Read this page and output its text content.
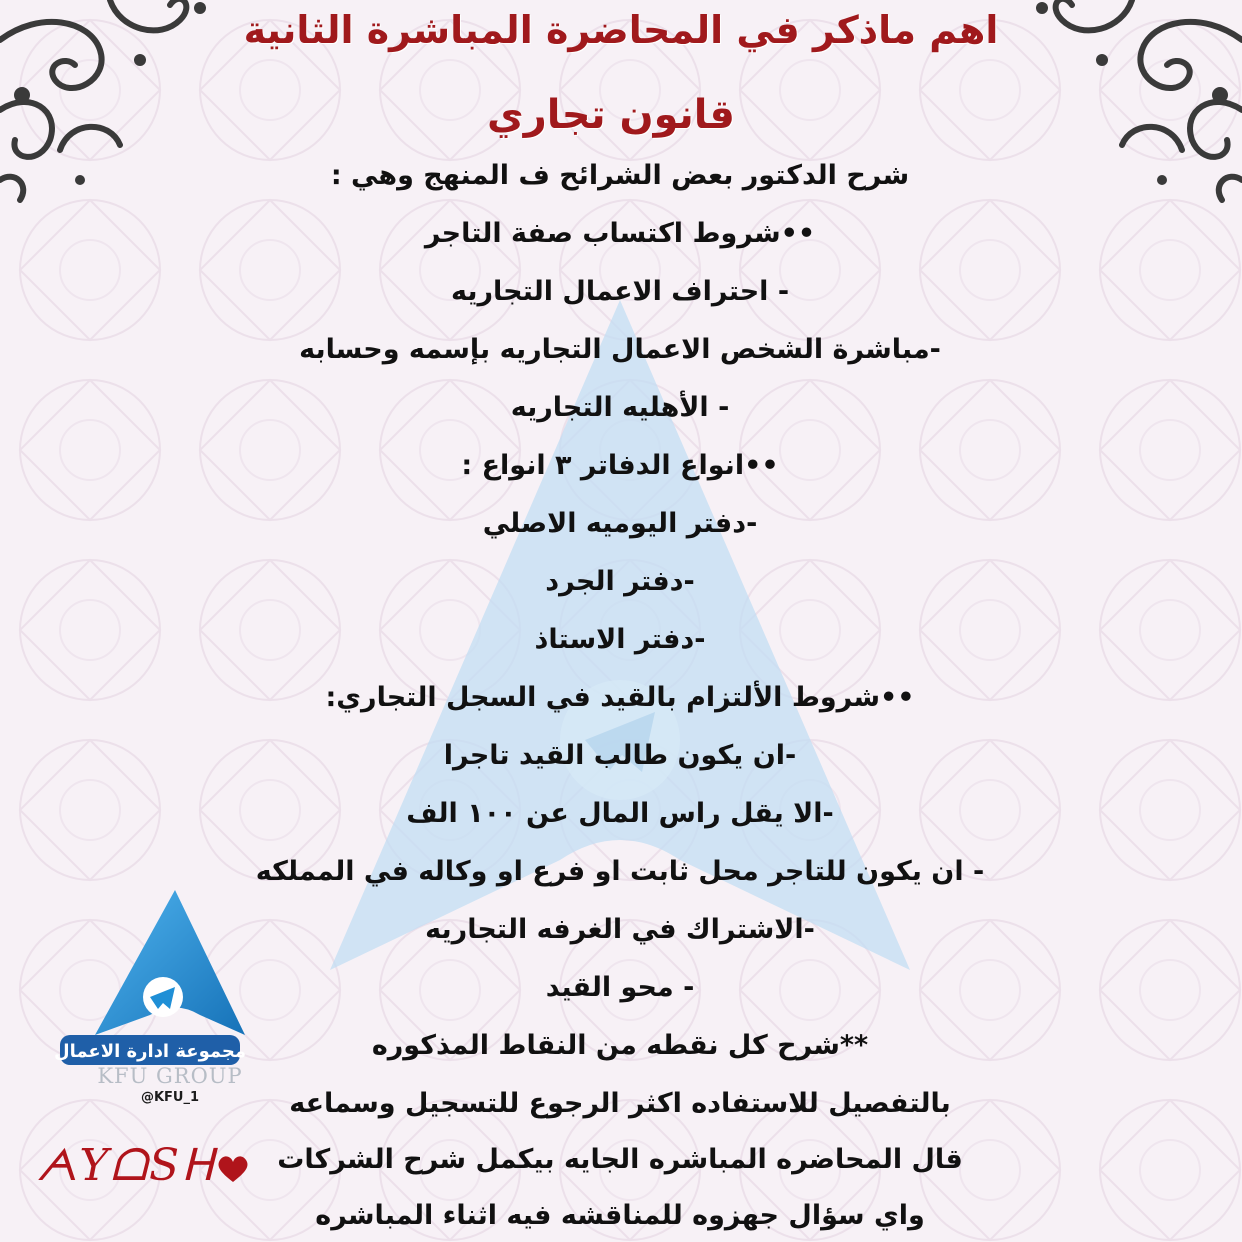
اهم ماذكر في المحاضرة المباشرة الثانية
قانون تجاري
شرح الدكتور بعض الشرائح ف المنهج وهي :
••شروط اكتساب صفة التاجر
- احتراف الاعمال التجاريه
-مباشرة الشخص الاعمال التجاريه بإسمه وحسابه
- الأهليه التجاريه
••انواع الدفاتر ٣ انواع :
-دفتر اليوميه الاصلي
-دفتر الجرد
-دفتر الاستاذ
••شروط الألتزام بالقيد في السجل التجاري:
-ان يكون طالب القيد تاجرا
-الا يقل راس المال عن ١٠٠ الف
- ان يكون للتاجر محل ثابت او فرع او وكاله في المملكه
-الاشتراك في الغرفه التجاريه
- محو القيد
**شرح كل نقطه من النقاط المذكوره
بالتفصيل للاستفاده اكثر الرجوع للتسجيل وسماعه
قال المحاضره المباشره الجايه بيكمل شرح الشركات
واي سؤال جهزوه للمناقشه فيه اثناء المباشره
مجموعة ادارة الاعمال
KFU GROUP
@KFU_1
ᗅYᗝSᕼ
